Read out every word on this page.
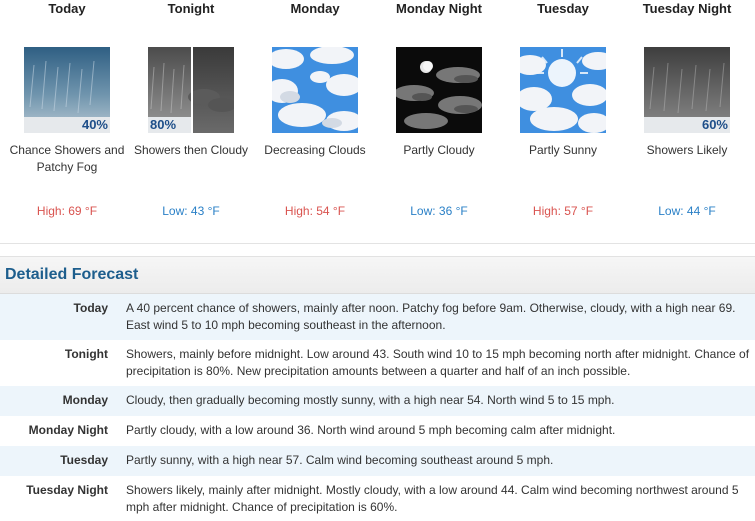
Today
40%
Chance Showers and Patchy Fog
High: 69 °F
Tonight
80%
Showers then Cloudy
Low: 43 °F
Monday
Decreasing Clouds
High: 54 °F
Monday Night
Partly Cloudy
Low: 36 °F
Tuesday
Partly Sunny
High: 57 °F
Tuesday Night
60%
Showers Likely
Low: 44 °F
Detailed Forecast
Today A 40 percent chance of showers, mainly after noon. Patchy fog before 9am. Otherwise, cloudy, with a high near 69. East wind 5 to 10 mph becoming southeast in the afternoon.
Tonight Showers, mainly before midnight. Low around 43. South wind 10 to 15 mph becoming north after midnight. Chance of precipitation is 80%. New precipitation amounts between a quarter and half of an inch possible.
Monday Cloudy, then gradually becoming mostly sunny, with a high near 54. North wind 5 to 15 mph.
Monday Night Partly cloudy, with a low around 36. North wind around 5 mph becoming calm after midnight.
Tuesday Partly sunny, with a high near 57. Calm wind becoming southeast around 5 mph.
Tuesday Night Showers likely, mainly after midnight. Mostly cloudy, with a low around 44. Calm wind becoming northwest around 5 mph after midnight. Chance of precipitation is 60%.
